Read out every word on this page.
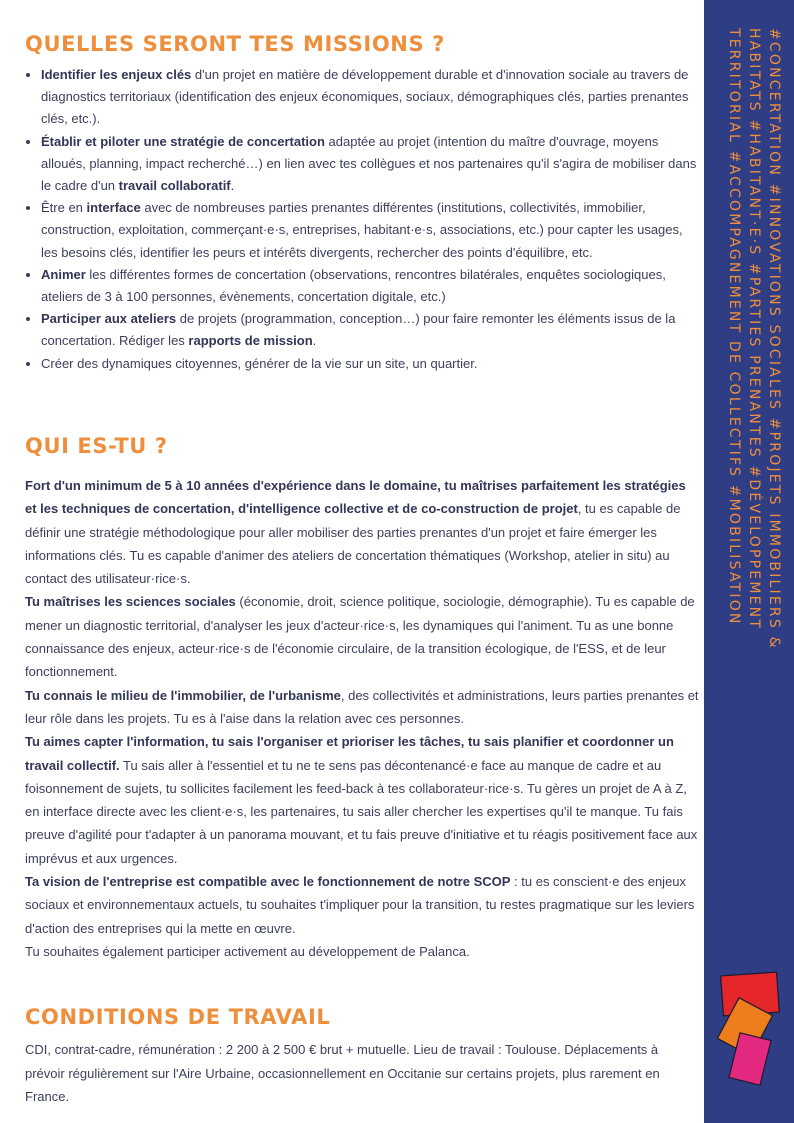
QUELLES SERONT TES MISSIONS ?
• Identifier les enjeux clés d'un projet en matière de développement durable et d'innovation sociale au travers de diagnostics territoriaux (identification des enjeux économiques, sociaux, démographiques clés, parties prenantes clés, etc.).
• Établir et piloter une stratégie de concertation adaptée au projet (intention du maître d'ouvrage, moyens alloués, planning, impact recherché…) en lien avec tes collègues et nos partenaires qu'il s'agira de mobiliser dans le cadre d'un travail collaboratif.
• Être en interface avec de nombreuses parties prenantes différentes (institutions, collectivités, immobilier, construction, exploitation, commerçant·e·s, entreprises, habitant·e·s, associations, etc.) pour capter les usages, les besoins clés, identifier les peurs et intérêts divergents, rechercher des points d'équilibre, etc.
• Animer les différentes formes de concertation (observations, rencontres bilatérales, enquêtes sociologiques, ateliers de 3 à 100 personnes, évènements, concertation digitale, etc.)
• Participer aux ateliers de projets (programmation, conception…) pour faire remonter les éléments issus de la concertation. Rédiger les rapports de mission.
• Créer des dynamiques citoyennes, générer de la vie sur un site, un quartier.
QUI ES-TU ?

Fort d'un minimum de 5 à 10 années d'expérience dans le domaine, tu maîtrises parfaitement les stratégies et les techniques de concertation, d'intelligence collective et de co-construction de projet, tu es capable de définir une stratégie méthodologique pour aller mobiliser des parties prenantes d'un projet et faire émerger les informations clés. Tu es capable d'animer des ateliers de concertation thématiques (Workshop, atelier in situ) au contact des utilisateur·rice·s.

Tu maîtrises les sciences sociales (économie, droit, science politique, sociologie, démographie). Tu es capable de mener un diagnostic territorial, d'analyser les jeux d'acteur·rice·s, les dynamiques qui l'animent. Tu as une bonne connaissance des enjeux, acteur·rice·s de l'économie circulaire, de la transition écologique, de l'ESS, et de leur fonctionnement.

Tu connais le milieu de l'immobilier, de l'urbanisme, des collectivités et administrations, leurs parties prenantes et leur rôle dans les projets. Tu es à l'aise dans la relation avec ces personnes.

Tu aimes capter l'information, tu sais l'organiser et prioriser les tâches, tu sais planifier et coordonner un travail collectif. Tu sais aller à l'essentiel et tu ne te sens pas décontenancé·e face au manque de cadre et au foisonnement de sujets, tu sollicites facilement les feed-back à tes collaborateur·rice·s. Tu gères un projet de A à Z, en interface directe avec les client·e·s, les partenaires, tu sais aller chercher les expertises qu'il te manque. Tu fais preuve d'agilité pour t'adapter à un panorama mouvant, et tu fais preuve d'initiative et tu réagis positivement face aux imprévus et aux urgences.

Ta vision de l'entreprise est compatible avec le fonctionnement de notre SCOP : tu es conscient·e des enjeux sociaux et environnementaux actuels, tu souhaites t'impliquer pour la transition, tu restes pragmatique sur les leviers d'action des entreprises qui la mette en œuvre.

Tu souhaites également participer activement au développement de Palanca.

CONDITIONS DE TRAVAIL

CDI, contrat-cadre, rémunération : 2 200 à 2 500 € brut + mutuelle. Lieu de travail : Toulouse. Déplacements à prévoir régulièrement sur l'Aire Urbaine, occasionnellement en Occitanie sur certains projets, plus rarement en France.

#CONCERTATION #INNOVATIONS SOCIALES #PROJETS IMMOBILIERS & HABITATS #HABITANT·E·S #PARTIES PRENANTES #DÉVELOPPEMENT TERRITORIAL #ACCOMPAGNEMENT DE COLLECTIFS #MOBILISATION
